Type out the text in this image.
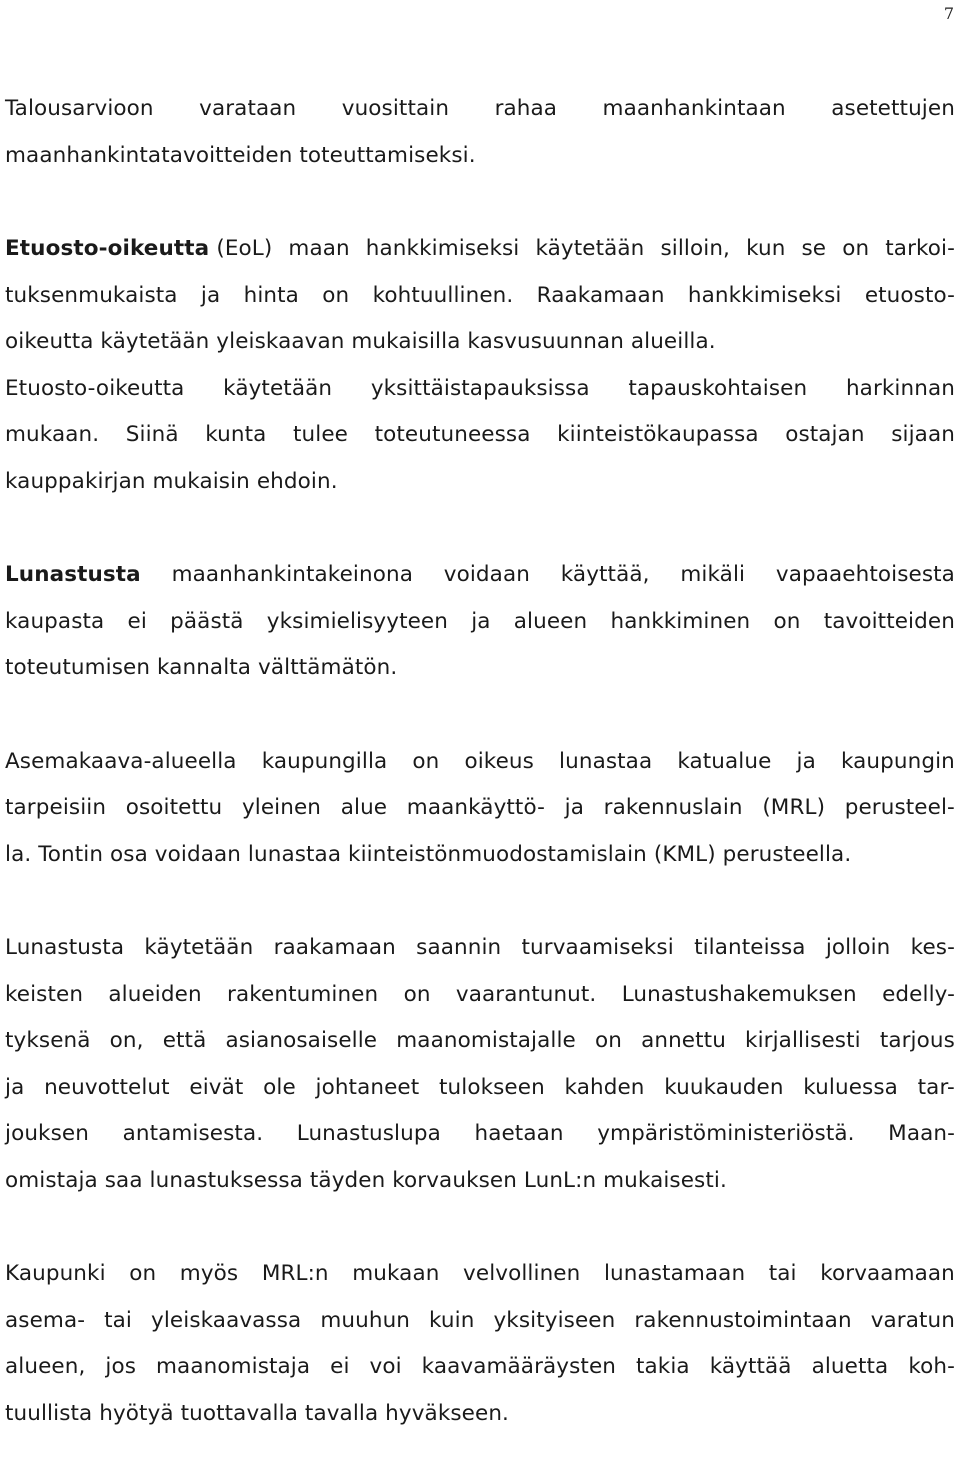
7
Talousarvioon varataan vuosittain rahaa maanhankintaan asetettujen
maanhankintatavoitteiden toteuttamiseksi.
Etuosto-oikeutta (EoL) maan hankkimiseksi käytetään silloin, kun se on tarkoi-
tuksenmukaista ja hinta on kohtuullinen. Raakamaan hankkimiseksi etuosto-
oikeutta käytetään yleiskaavan mukaisilla kasvusuunnan alueilla.
Etuosto-oikeutta käytetään yksittäistapauksissa tapauskohtaisen harkinnan
mukaan. Siinä kunta tulee toteutuneessa kiinteistökaupassa ostajan sijaan
kauppakirjan mukaisin ehdoin.
Lunastusta maanhankintakeinona voidaan käyttää, mikäli vapaaehtoisesta
kaupasta ei päästä yksimielisyyteen ja alueen hankkiminen on tavoitteiden
toteutumisen kannalta välttämätön.
Asemakaava-alueella kaupungilla on oikeus lunastaa katualue ja kaupungin
tarpeisiin osoitettu yleinen alue maankäyttö- ja rakennuslain (MRL) perusteel-
la. Tontin osa voidaan lunastaa kiinteistönmuodostamislain (KML) perusteella.
Lunastusta käytetään raakamaan saannin turvaamiseksi tilanteissa jolloin kes-
keisten alueiden rakentuminen on vaarantunut. Lunastushakemuksen edelly-
tyksenä on, että asianosaiselle maanomistajalle on annettu kirjallisesti tarjous
ja neuvottelut eivät ole johtaneet tulokseen kahden kuukauden kuluessa tar-
jouksen antamisesta. Lunastuslupa haetaan ympäristöministeriöstä. Maan-
omistaja saa lunastuksessa täyden korvauksen LunL:n mukaisesti.
Kaupunki on myös MRL:n mukaan velvollinen lunastamaan tai korvaamaan
asema- tai yleiskaavassa muuhun kuin yksityiseen rakennustoimintaan varatun
alueen, jos maanomistaja ei voi kaavamääräysten takia käyttää aluetta koh-
tuullista hyötyä tuottavalla tavalla hyväkseen.
